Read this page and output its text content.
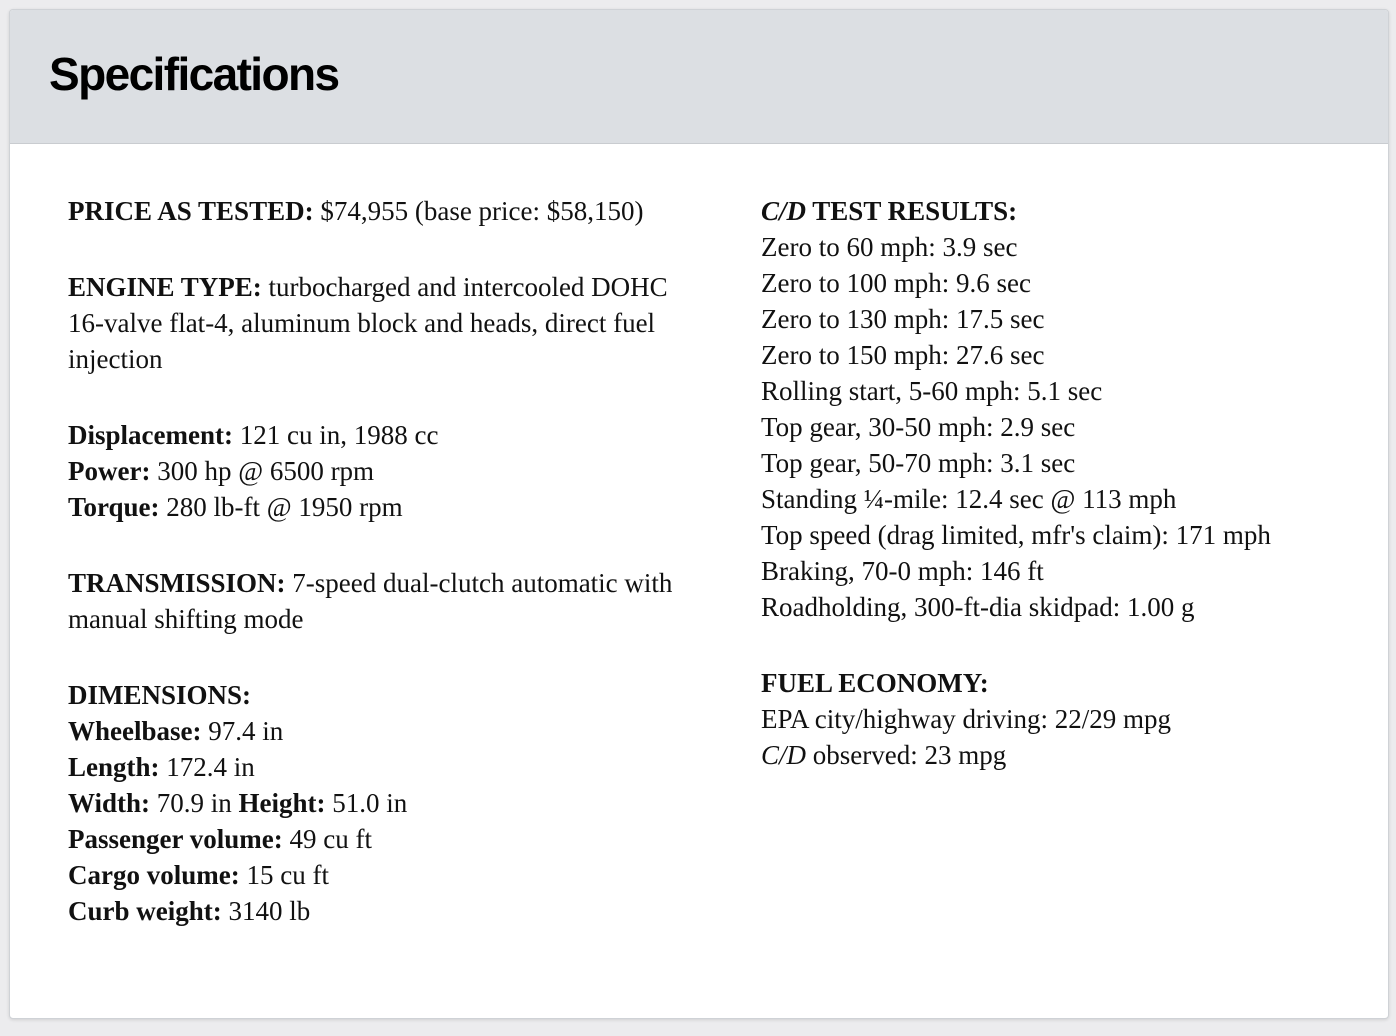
Specifications
PRICE AS TESTED: $74,955 (base price: $58,150)
ENGINE TYPE: turbocharged and intercooled DOHC 16-valve flat-4, aluminum block and heads, direct fuel injection
Displacement: 121 cu in, 1988 cc
Power: 300 hp @ 6500 rpm
Torque: 280 lb-ft @ 1950 rpm
TRANSMISSION: 7-speed dual-clutch automatic with manual shifting mode
DIMENSIONS:
Wheelbase: 97.4 in
Length: 172.4 in
Width: 70.9 in Height: 51.0 in
Passenger volume: 49 cu ft
Cargo volume: 15 cu ft
Curb weight: 3140 lb
C/D TEST RESULTS:
Zero to 60 mph: 3.9 sec
Zero to 100 mph: 9.6 sec
Zero to 130 mph: 17.5 sec
Zero to 150 mph: 27.6 sec
Rolling start, 5-60 mph: 5.1 sec
Top gear, 30-50 mph: 2.9 sec
Top gear, 50-70 mph: 3.1 sec
Standing ¼-mile: 12.4 sec @ 113 mph
Top speed (drag limited, mfr's claim): 171 mph
Braking, 70-0 mph: 146 ft
Roadholding, 300-ft-dia skidpad: 1.00 g
FUEL ECONOMY:
EPA city/highway driving: 22/29 mpg
C/D observed: 23 mpg
